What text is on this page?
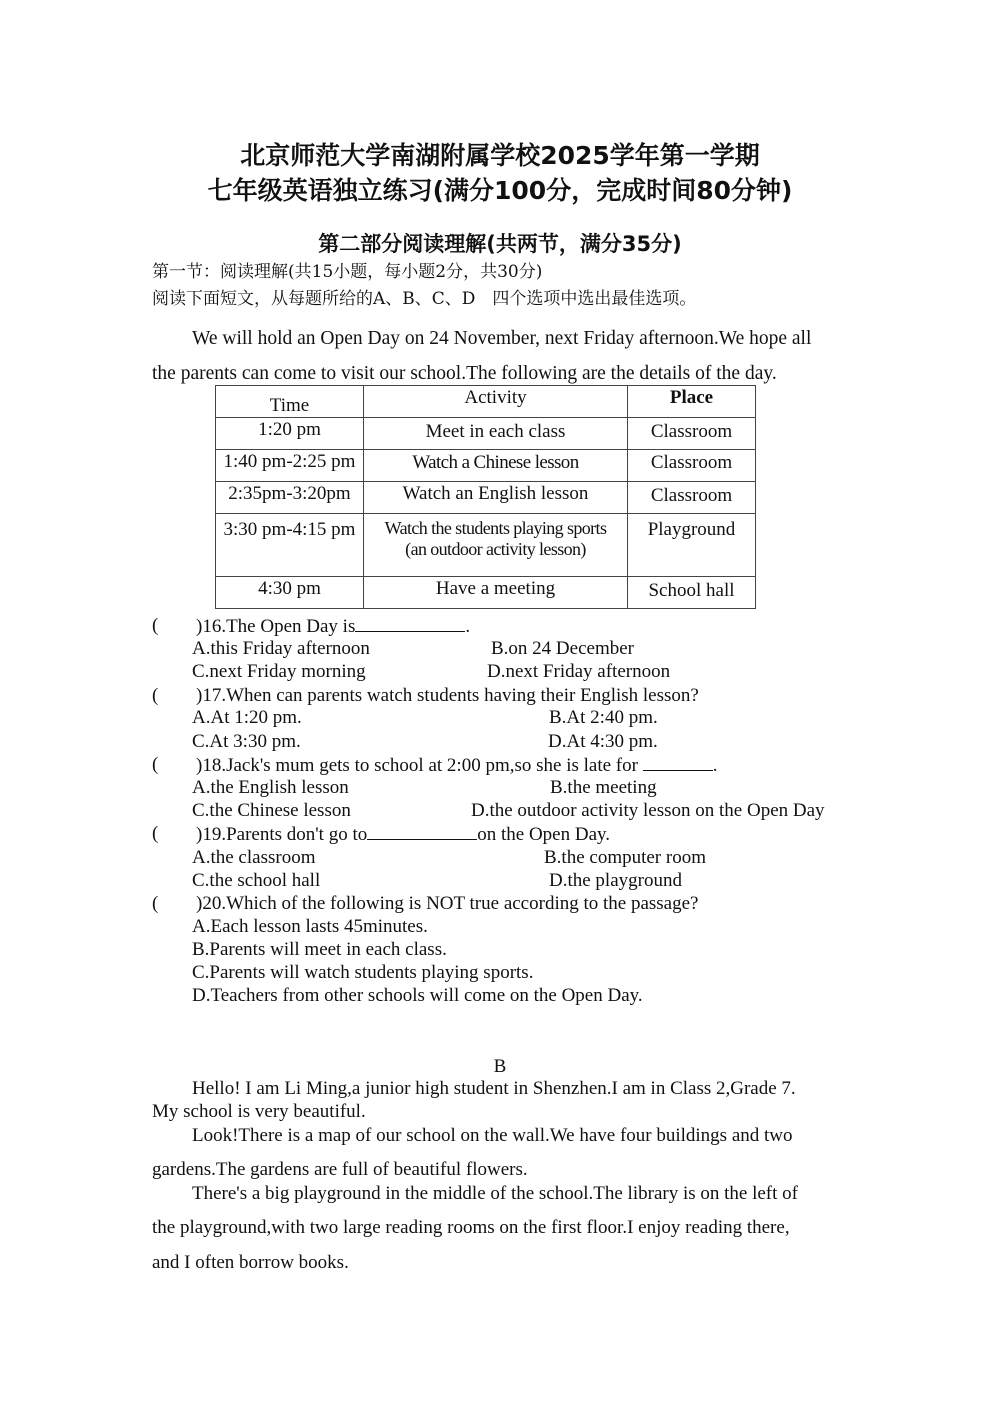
北京师范大学南湖附属学校2025学年第一学期
七年级英语独立练习(满分100分，完成时间80分钟)
第二部分阅读理解(共两节，满分35分)
第一节：阅读理解(共15小题，每小题2分，共30分)
阅读下面短文，从每题所给的A、B、C、D　四个选项中选出最佳选项。
We will hold an Open Day on 24 November, next Friday afternoon.We hope all
the parents can come to visit our school.The following are the details of the day.
Time	Activity	Place
1:20 pm	Meet in each class	Classroom
1:40 pm-2:25 pm	Watch a Chinese lesson	Classroom
2:35pm-3:20pm	Watch an English lesson	Classroom
3:30 pm-4:15 pm	Watch the students playing sports
(an outdoor activity lesson)	Playground
4:30 pm	Have a meeting	School hall
( )16.The Open Day is	.
A.this Friday afternoon	B.on 24 December
C.next Friday morning	D.next Friday afternoon
( )17.When can parents watch students having their English lesson?
A.At 1:20 pm.	B.At 2:40 pm.
C.At 3:30 pm.	D.At 4:30 pm.
( )18.Jack's mum gets to school at 2:00 pm,so she is late for	.
A.the English lesson	B.the meeting
C.the Chinese lesson	D.the outdoor activity lesson on the Open Day
( )19.Parents don't go to	on the Open Day.
A.the classroom	B.the computer room
C.the school hall	D.the playground
( )20.Which of the following is NOT true according to the passage?
A.Each lesson lasts 45minutes.
B.Parents will meet in each class.
C.Parents will watch students playing sports.
D.Teachers from other schools will come on the Open Day.
B
Hello! I am Li Ming,a junior high student in Shenzhen.I am in Class 2,Grade 7.
My school is very beautiful.
Look!There is a map of our school on the wall.We have four buildings and two
gardens.The gardens are full of beautiful flowers.
There's a big playground in the middle of the school.The library is on the left of
the playground,with two large reading rooms on the first floor.I enjoy reading there,
and I often borrow books.
